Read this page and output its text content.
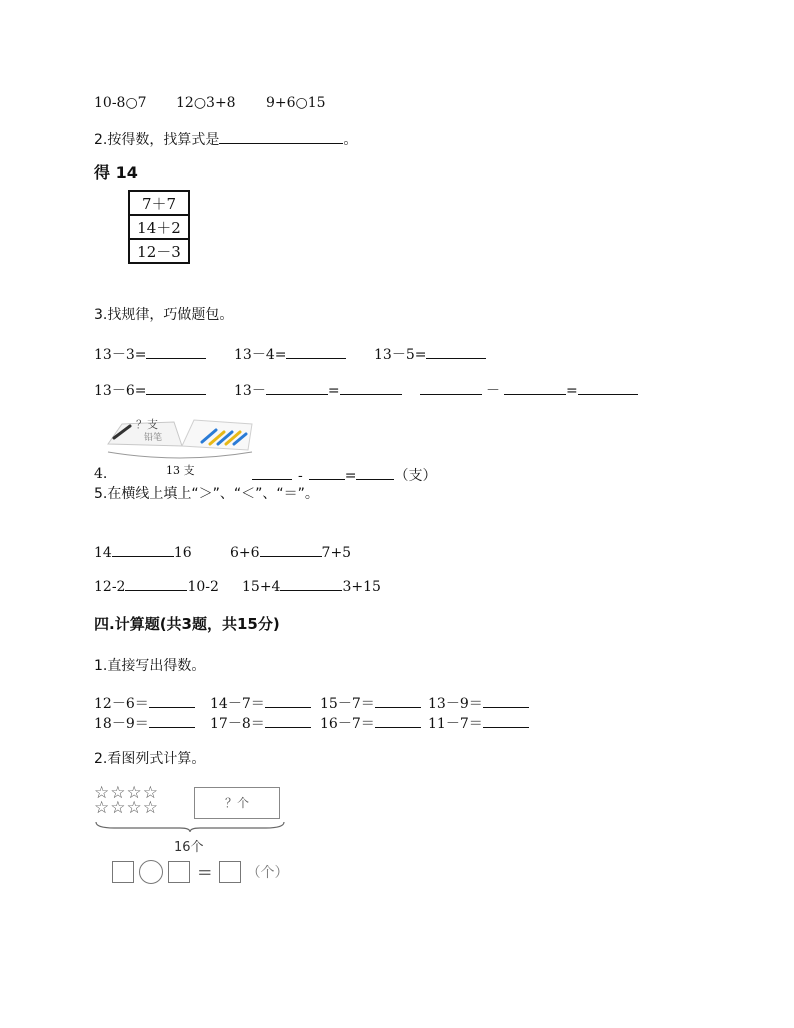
10-8○7 12○3+8 9+6○15
2.按得数，找算式是	。
得 14
7＋7
14＋2
12－3
3.找规律，巧做题包。
13－3=	13－4=	13－5=
13－6=	13－	=	－	=
？支
铅笔
4.	13 支	-	=	（支）
5.在横线上填上“＞”、“＜”、“＝”。
14	16	6+6	7+5
12-2	10-2 15+4	3+15
四.计算题(共3题，共15分)
1.直接写出得数。
12－6＝	14－7＝	15－7＝	13－9＝
18－9＝	17－8＝	16－7＝	11－7＝
2.看图列式计算。
☆☆☆☆
☆☆☆☆	？个
16个
= （个）
